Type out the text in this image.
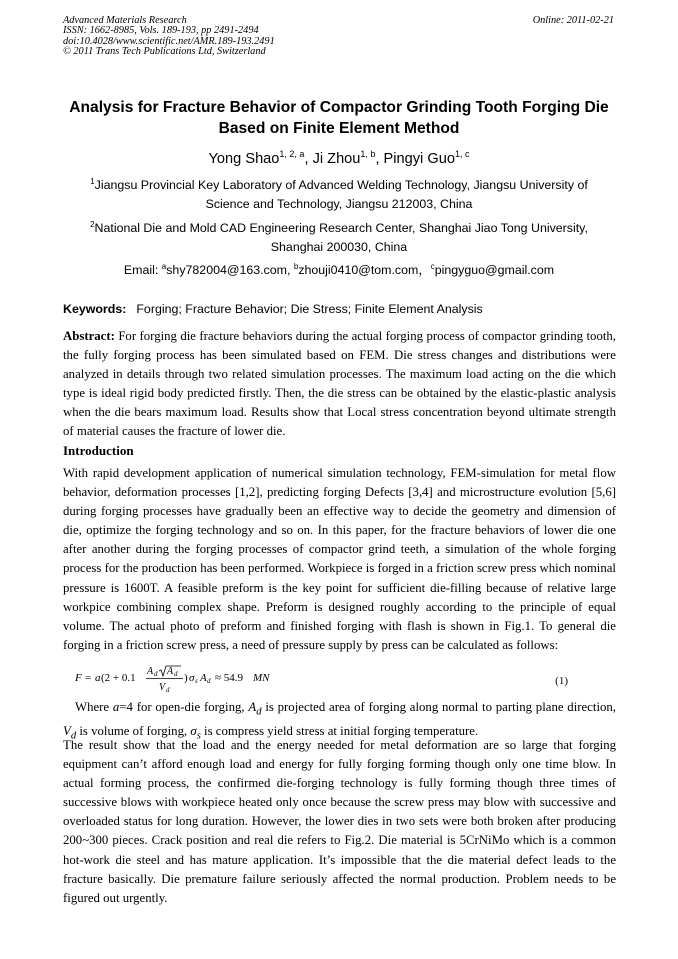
Advanced Materials Research
ISSN: 1662-8985, Vols. 189-193, pp 2491-2494
doi:10.4028/www.scientific.net/AMR.189-193.2491
© 2011 Trans Tech Publications Ltd, Switzerland
Online: 2011-02-21
Analysis for Fracture Behavior of Compactor Grinding Tooth Forging Die Based on Finite Element Method
Yong Shao$^{1, 2, a}$, Ji Zhou$^{1, b}$, Pingyi Guo$^{1, c}$
$^1$Jiangsu Provincial Key Laboratory of Advanced Welding Technology, Jiangsu University of Science and Technology, Jiangsu 212003, China
$^2$National Die and Mold CAD Engineering Research Center, Shanghai Jiao Tong University, Shanghai 200030, China
Email: $^a$shy782004@163.com, $^b$zhouji0410@tom.com，$^c$pingyguo@gmail.com
Keywords: Forging; Fracture Behavior; Die Stress; Finite Element Analysis
Abstract: For forging die fracture behaviors during the actual forging process of compactor grinding tooth, the fully forging process has been simulated based on FEM. Die stress changes and distributions were analyzed in details through two related simulation processes. The maximum load acting on the die which type is ideal rigid body predicted firstly. Then, the die stress can be obtained by the elastic-plastic analysis when the die bears maximum load. Results show that Local stress concentration beyond ultimate strength of material causes the fracture of lower die.
Introduction
With rapid development application of numerical simulation technology, FEM-simulation for metal flow behavior, deformation processes [1,2], predicting forging Defects [3,4] and microstructure evolution [5,6] during forging processes have gradually been an effective way to decide the geometry and dimension of die, optimize the forging technology and so on. In this paper, for the fracture behaviors of lower die one after another during the forging processes of compactor grind teeth, a simulation of the whole forging process for the production has been performed. Workpiece is forged in a friction screw press which nominal pressure is 1600T. A feasible preform is the key point for sufficient die-filling because of relative large workpice combining complex shape. Preform is designed roughly according to the principle of equal volume. The actual photo of preform and finished forging with flash is shown in Fig.1. To general die forging in a friction screw press, a need of pressure supply by press can be calculated as follows:
F = a (2 + 0.1
A d A d
V d
) σ s A d ≈ 54.9 MN	(1)
Where a=4 for open-die forging, $A_d$ is projected area of forging along normal to parting plane direction, $V_d$ is volume of forging, $\sigma_s$ is compress yield stress at initial forging temperature.
The result show that the load and the energy needed for metal deformation are so large that forging equipment can’t afford enough load and energy for fully forging forming though only one time blow. In actual forming process, the confirmed die-forging technology is fully forming though three times of successive blows with workpiece heated only once because the screw press may blow with successive and overloaded status for long duration. However, the lower dies in two sets were both broken after producing 200~300 pieces. Crack position and real die refers to Fig.2. Die material is 5CrNiMo which is a common hot-work die steel and has mature application. It’s impossible that the die material defect leads to the fracture basically. Die premature failure seriously affected the normal production. Problem needs to be figured out urgently.
